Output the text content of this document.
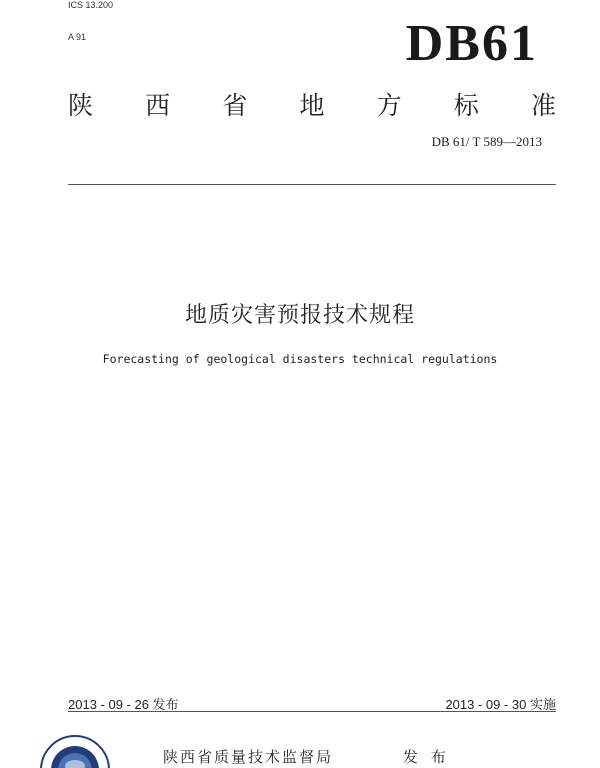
ICS 13.200
A 91	DB61
陕 西 省 地 方 标 准
DB 61/ T 589—2013
地质灾害预报技术规程
Forecasting of geological disasters technical regulations
2013 - 09 - 26 发布	2013 - 09 - 30 实施
陕西省质量技术监督局	发 布
